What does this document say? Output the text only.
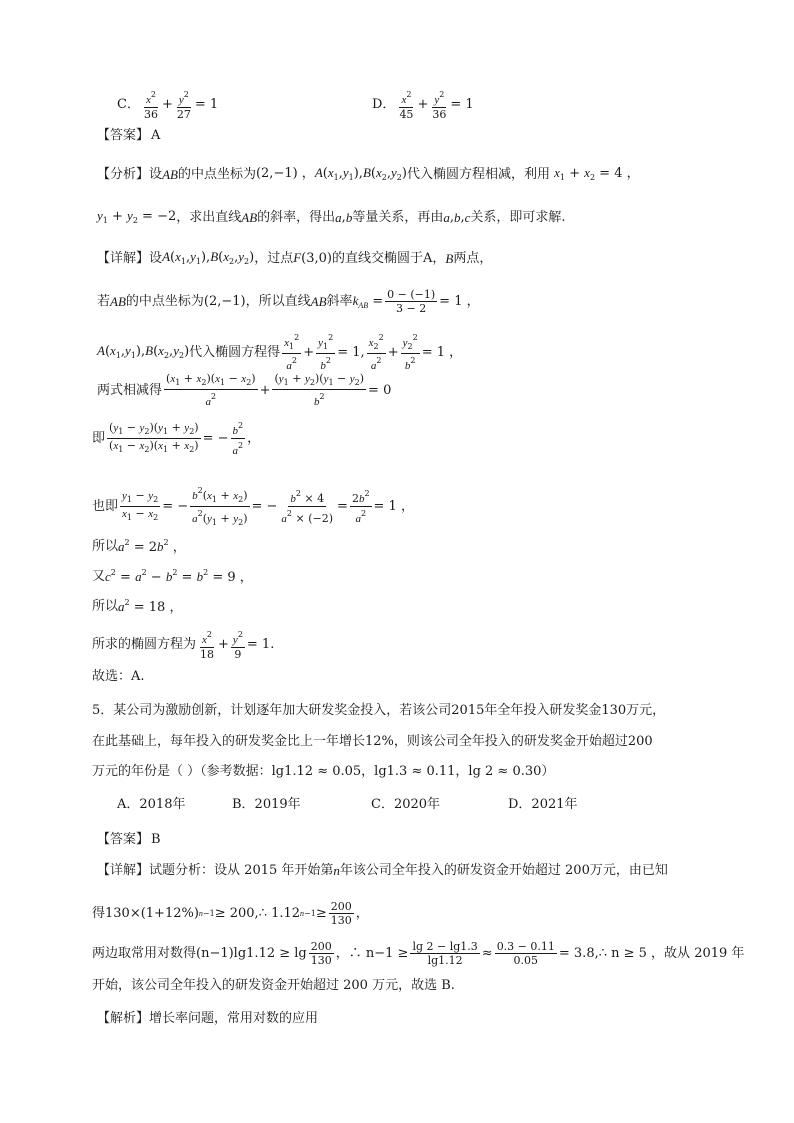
C． $\frac{x^2}{36} + \frac{y^2}{27} = 1$	D． $\frac{x^2}{45} + \frac{y^2}{36} = 1$
【 答案 】	A
【 分析 】	设 AB 的中点坐标为 (2,−1) ，$A(x_1,y_1),B(x_2,y_2)$ 代入椭圆方程相减，利用 $x_1 + x_2 = 4$ ，
$y_1 + y_2 = -2$ ，求出直线 AB 的斜率，得出 a , b 等量关系，再由 a , b , c 关系，即可求解.
【 详解 】	设 $A(x_1,y_1),B(x_2,y_2)$ ，过点 F(3,0) 的直线交椭圆于A， B 两点，
若 AB 的中点坐标为 (2,−1) ，所以直线 AB 斜率 $k_{AB} = \frac{0 - (-1)}{3 - 2} = 1$ ，
$A(x_1,y_1),B(x_2,y_2)$ 代入椭圆方程得 $\frac{x_1^2}{a^2} + \frac{y_1^2}{b^2} = 1$, $\frac{x_2^2}{a^2} + \frac{y_2^2}{b^2} = 1$ ，
两式相减得 $\frac{(x_1 + x_2)(x_1 - x_2)}{a^2} + \frac{(y_1 + y_2)(y_1 - y_2)}{b^2} = 0$
即 $\frac{(y_1 - y_2)(y_1 + y_2)}{(x_1 - x_2)(x_1 + x_2)}$ = − $\frac{b^2}{a^2}$ ，
也即 $\frac{y_1 - y_2}{x_1 - x_2}$ = − $\frac{b^2(x_1 + x_2)}{a^2(y_1 + y_2)}$ = − $\frac{b^2 \times 4}{a^2 \times (-2)} = \frac{2b^2}{a^2} = 1$ ，
所以 $a^2 = 2b^2$ ，
又 $c^2 = a^2 - b^2 = b^2 = 9$ ，
所以 $a^2 = 18$ ，
所求的椭圆方程为 $\frac{x^2}{18} + \frac{y^2}{9} = 1$.
故选：A.
5．某公司为激励创新，计划逐年加大研发奖金投入，若该公司2015年全年投入研发奖金130万元，
在此基础上，每年投入的研发奖金比上一年增长12%，则该公司全年投入的研发奖金开始超过200
万元的年份是（ ）（参考数据：lg1.12 ≈ 0.05，lg1.3 ≈ 0.11，lg 2 ≈ 0.30）
A．2018年	B．2019年	C．2020年	D．2021年
【 答案 】	B
【 详解 】	试题分析：设从 2015 年开始第 n 年该公司全年投入的研发资金开始超过 200万元，由已知
得130×(1+12%) n−1 ≥ 200,∴ 1.12 $n-1 \ge \frac{200}{130}$ ，
两边取常用对数得$(n-1)\lg 1.12 \ge \lg \frac{200}{130}$ ，∴ $n-1 \ge \frac{\lg 2 - \lg 1.3}{\lg 1.12} \approx \frac{0.3 - 0.11}{0.05}$ = 3.8,∴ n ≥ 5 ，故从 2019 年
开始，该公司全年投入的研发资金开始超过 200 万元，故选 B.
【 解析 】	增长率问题，常用对数的应用
